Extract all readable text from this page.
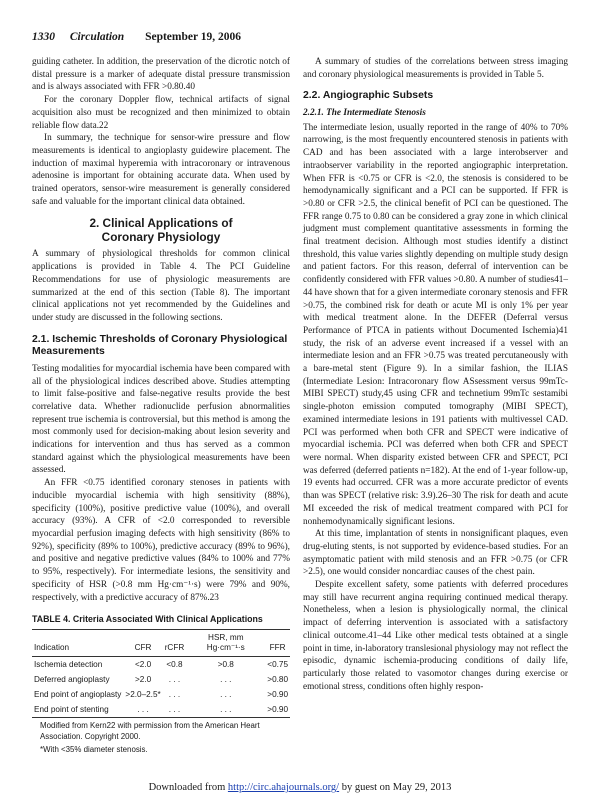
1330 Circulation September 19, 2006

guiding catheter. In addition, the preservation of the dicrotic notch of distal pressure is a marker of adequate distal pressure transmission and is always associated with FFR >0.80.40

For the coronary Doppler flow, technical artifacts of signal acquisition also must be recognized and then minimized to obtain reliable flow data.22

In summary, the technique for sensor-wire pressure and flow measurements is identical to angioplasty guidewire placement. The induction of maximal hyperemia with intracoronary or intravenous adenosine is important for obtaining accurate data. When used by trained operators, sensor-wire measurement is generally considered safe and valuable for the important clinical data obtained.

2. Clinical Applications of Coronary Physiology

A summary of physiological thresholds for common clinical applications is provided in Table 4. The PCI Guideline Recommendations for use of physiologic measurements are summarized at the end of this section (Table 8). The important clinical applications not yet recommended by the Guidelines and under study are discussed in the following sections.

2.1. Ischemic Thresholds of Coronary Physiological Measurements

Testing modalities for myocardial ischemia have been compared with all of the physiological indices described above. Studies attempting to limit false-positive and false-negative results provide the best correlative data. Whether radionuclide perfusion abnormalities represent true ischemia is controversial, but this method is among the most commonly used for decision-making about lesion severity and indications for intervention and thus has served as a common standard against which the physiological measurements have been assessed.

An FFR <0.75 identified coronary stenoses in patients with inducible myocardial ischemia with high sensitivity (88%), specificity (100%), positive predictive value (100%), and overall accuracy (93%). A CFR of <2.0 corresponded to reversible myocardial perfusion imaging defects with high sensitivity (86% to 92%), specificity (89% to 100%), predictive accuracy (89% to 96%), and positive and negative predictive values (84% to 100% and 77% to 95%, respectively). For intermediate lesions, the sensitivity and specificity of HSR (>0.8 mm Hg·cm⁻¹·s) were 79% and 90%, respectively, with a predictive accuracy of 87%.23

TABLE 4. Criteria Associated With Clinical Applications
Indication	CFR	rCFR	HSR, mm Hg·cm⁻¹·s	FFR
Ischemia detection	<2.0	<0.8	>0.8	<0.75
Deferred angioplasty	>2.0	. . .	. . .	>0.80
End point of angioplasty	>2.0–2.5*	. . .	. . .	>0.90
End point of stenting	. . .	. . .	. . .	>0.90
Modified from Kern22 with permission from the American Heart Association. Copyright 2000.
*With <35% diameter stenosis.

A summary of studies of the correlations between stress imaging and coronary physiological measurements is provided in Table 5.

2.2. Angiographic Subsets
2.2.1. The Intermediate Stenosis

The intermediate lesion, usually reported in the range of 40% to 70% narrowing, is the most frequently encountered stenosis in patients with CAD and has been associated with a large interobserver and intraobserver variability in the reported angiographic interpretation. When FFR is <0.75 or CFR is <2.0, the stenosis is considered to be hemodynamically significant and a PCI can be supported. If FFR is >0.80 or CFR >2.5, the clinical benefit of PCI can be questioned. The FFR range 0.75 to 0.80 can be considered a gray zone in which clinical judgment must complement quantitative assessments in forming the final treatment decision. Although most studies identify a distinct threshold, this value varies slightly depending on multiple study design and patient factors. For this reason, deferral of intervention can be confidently considered with FFR values >0.80. A number of studies41–44 have shown that for a given intermediate coronary stenosis and FFR >0.75, the combined risk for death or acute MI is only 1% per year with medical treatment alone. In the DEFER (Deferral versus Performance of PTCA in patients without Documented Ischemia)41 study, the risk of an adverse event increased if a vessel with an intermediate lesion and an FFR >0.75 was treated percutaneously with a bare-metal stent (Figure 9). In a similar fashion, the ILIAS (Intermediate Lesion: Intracoronary flow ASsessment versus 99mTc-MIBI SPECT) study,45 using CFR and technetium 99mTc sestamibi single-photon emission computed tomography (MIBI SPECT), examined intermediate lesions in 191 patients with multivessel CAD. PCI was performed when both CFR and SPECT were indicative of myocardial ischemia. PCI was deferred when both CFR and SPECT were normal. When disparity existed between CFR and SPECT, PCI was deferred (deferred patients n=182). At the end of 1-year follow-up, 19 events had occurred. CFR was a more accurate predictor of events than was SPECT (relative risk: 3.9).26–30 The risk for death and acute MI exceeded the risk of medical treatment compared with PCI for nonhemodynamically significant lesions.

At this time, implantation of stents in nonsignificant plaques, even drug-eluting stents, is not supported by evidence-based studies. For an asymptomatic patient with mild stenosis and an FFR >0.75 (or CFR >2.5), one would consider noncardiac causes of the chest pain.

Despite excellent safety, some patients with deferred procedures may still have recurrent angina requiring continued medical therapy. Nonetheless, when a lesion is physiologically normal, the clinical impact of deferring intervention is associated with a satisfactory clinical outcome.41–44 Like other medical tests obtained at a single point in time, in-laboratory translesional physiology may not reflect the episodic, dynamic ischemia-producing conditions of daily life, particularly those related to vasomotor changes during exercise or emotional stress, conditions often highly respon-

Downloaded from http://circ.ahajournals.org/ by guest on May 29, 2013
